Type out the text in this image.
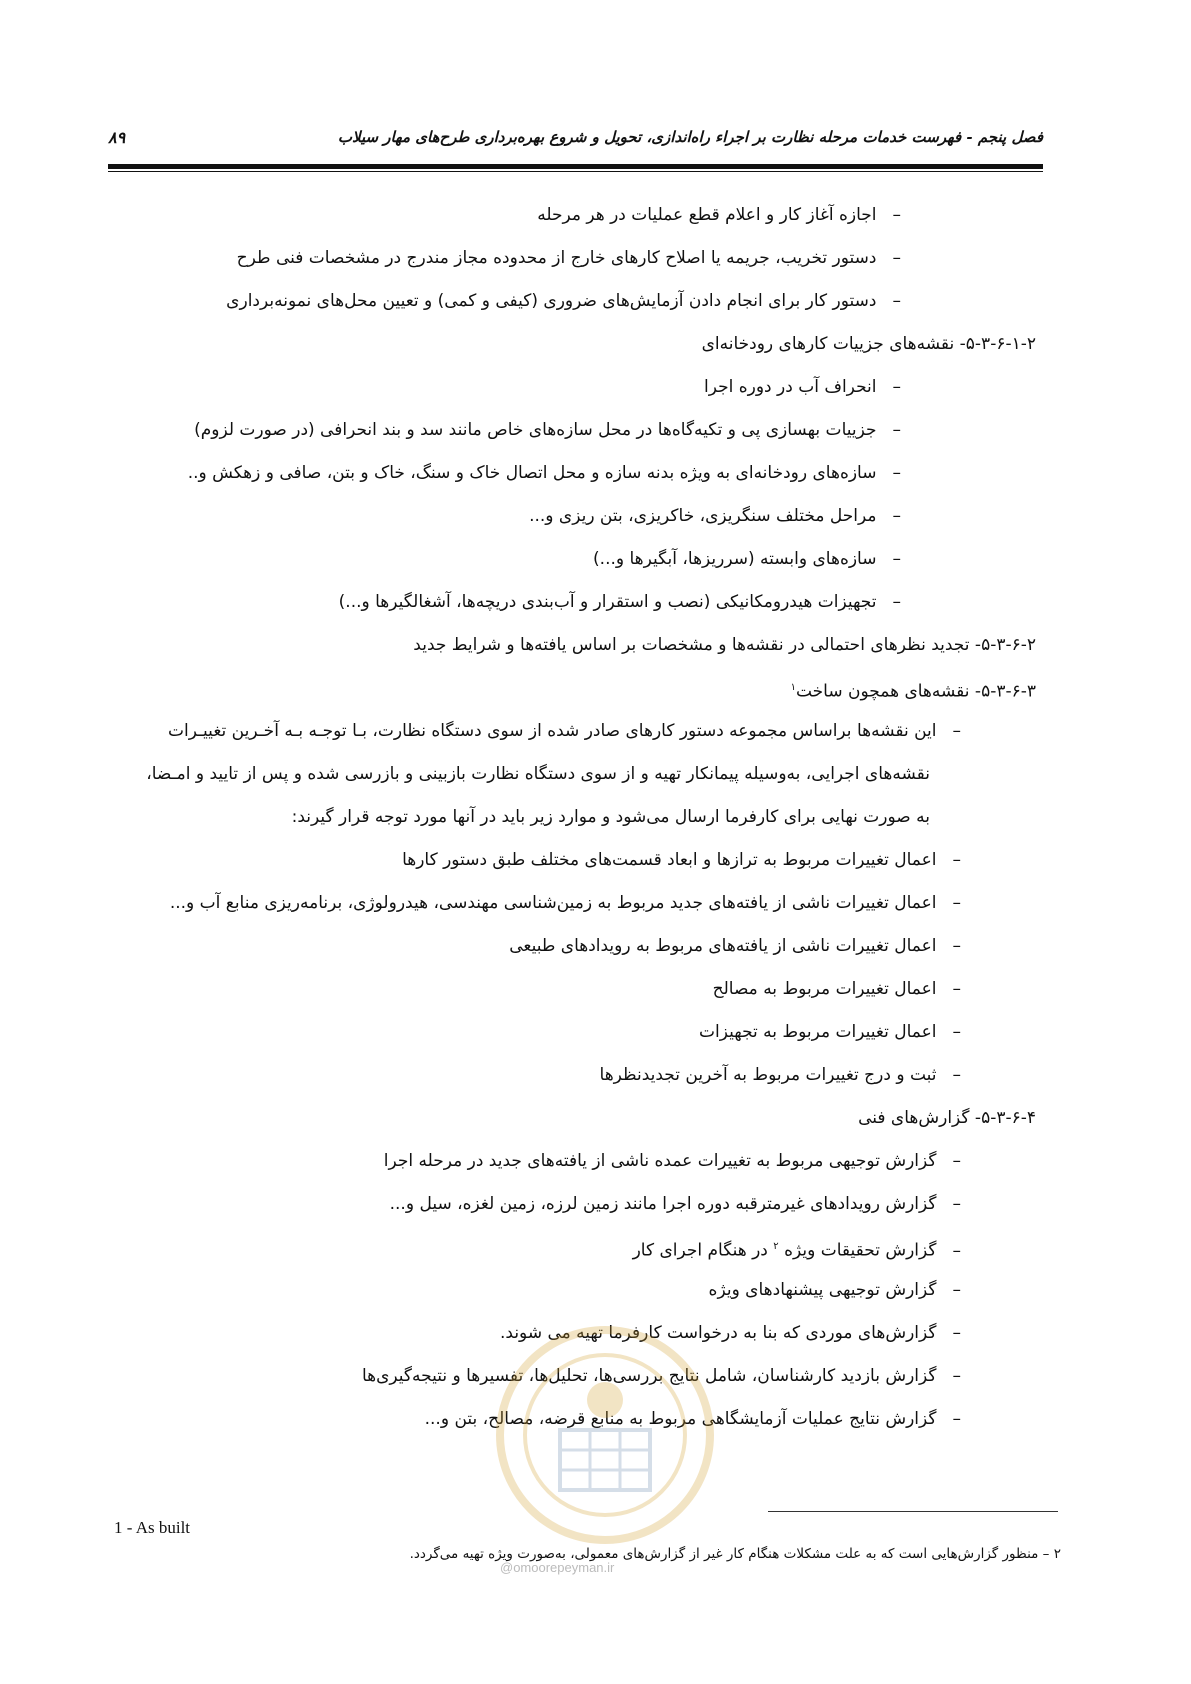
فصل پنجم - فهرست خدمات مرحله نظارت بر اجراء راه‌اندازی، تحویل و شروع بهره‌برداری طرح‌های مهار سیلاب
۸۹
–اجازه آغاز کار و اعلام قطع عملیات در هر مرحله
–دستور تخریب، جریمه یا اصلاح کارهای خارج از محدوده مجاز مندرج در مشخصات فنی طرح
–دستور کار برای انجام دادن آزمایش‌های ضروری (کیفی و کمی) و تعیین محل‌های نمونه‌برداری
۵-۳-۶-۱-۲- نقشه‌های جزییات کارهای رودخانه‌ای
–انحراف آب در دوره اجرا
–جزییات بهسازی پی و تکیه‌گاه‌ها در محل سازه‌های خاص مانند سد و بند انحرافی (در صورت لزوم)
–سازه‌های رودخانه‌ای به ویژه بدنه سازه و محل اتصال خاک و سنگ، خاک و بتن، صافی و زهکش و..
–مراحل مختلف سنگریزی، خاکریزی، بتن ریزی و...
–سازه‌های وابسته (سرریزها، آبگیرها و...)
–تجهیزات هیدرومکانیکی (نصب و استقرار و آب‌بندی دریچه‌ها، آشغالگیرها و...)
۵-۳-۶-۲- تجدید نظرهای احتمالی در نقشه‌ها و مشخصات بر اساس یافته‌ها و شرایط جدید
۵-۳-۶-۳- نقشه‌های همچون ساخت$^۱$
–این نقشه‌ها براساس مجموعه دستور کارهای صادر شده از سوی دستگاه نظارت، بـا توجـه بـه آخـرین تغییـرات
نقشه‌های اجرایی، به‌وسیله پیمانکار تهیه و از سوی دستگاه نظارت بازبینی و بازرسی شده و پس از تایید و امـضا،
به صورت نهایی برای کارفرما ارسال می‌شود و موارد زیر باید در آنها مورد توجه قرار گیرند:
–اعمال تغییرات مربوط به ترازها و ابعاد قسمت‌های مختلف طبق دستور کارها
–اعمال تغییرات ناشی از یافته‌های جدید مربوط به زمین‌شناسی مهندسی، هیدرولوژی، برنامه‌ریزی منابع آب و...
–اعمال تغییرات ناشی از یافته‌های مربوط به رویدادهای طبیعی
–اعمال تغییرات مربوط به مصالح
–اعمال تغییرات مربوط به تجهیزات
–ثبت و درج تغییرات مربوط به آخرین تجدیدنظرها
۵-۳-۶-۴- گزارش‌های فنی
–گزارش توجیهی مربوط به تغییرات عمده ناشی از یافته‌های جدید در مرحله اجرا
–گزارش رویدادهای غیرمترقبه دوره اجرا مانند زمین لرزه، زمین لغزه، سیل و...
–گزارش تحقیقات ویژه $^۲$ در هنگام اجرای کار
–گزارش توجیهی پیشنهادهای ویژه
–گزارش‌های موردی که بنا به درخواست کارفرما تهیه می شوند.
–گزارش بازدید کارشناسان، شامل نتایج بررسی‌ها، تحلیل‌ها، تفسیرها و نتیجه‌گیری‌ها
–گزارش نتایج عملیات آزمایشگاهی مربوط به منابع قرضه، مصالح، بتن و...
@omoorepeyman.ir
1 - As built
۲ – منظور گزارش‌هایی است که به علت مشکلات هنگام کار غیر از گزارش‌های معمولی، به‌صورت ویژه تهیه می‌گردد.
